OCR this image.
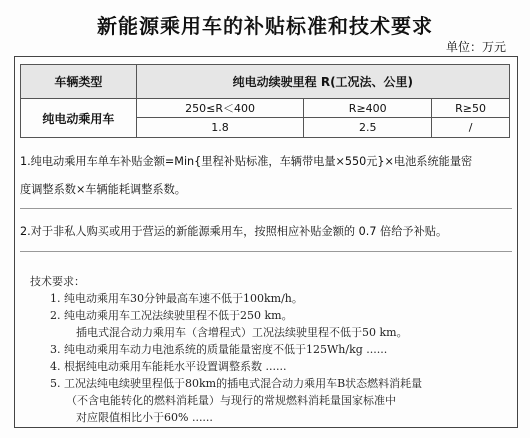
新能源乘用车的补贴标准和技术要求
单位：万元
车辆类型	纯电动续驶里程 R(工况法、公里)		
纯电动乘用车	250≤R＜400	R≥400	R≥50
	1.8	2.5	/
1.纯电动乘用车单车补贴金额=Min{里程补贴标准，车辆带电量×550元}×电池系统能量密
度调整系数×车辆能耗调整系数。
2.对于非私人购买或用于营运的新能源乘用车，按照相应补贴金额的 0.7 倍给予补贴。
技术要求：
1. 纯电动乘用车30分钟最高车速不低于100km/h。
2. 纯电动乘用车工况法续驶里程不低于250 km。
插电式混合动力乘用车（含增程式）工况法续驶里程不低于50 km。
3. 纯电动乘用车动力电池系统的质量能量密度不低于125Wh/kg ......
4. 根据纯电动乘用车能耗水平设置调整系数 ......
5. 工况法纯电续驶里程低于80km的插电式混合动力乘用车B状态燃料消耗量
（不含电能转化的燃料消耗量）与现行的常规燃料消耗量国家标准中
对应限值相比小于60% ......
